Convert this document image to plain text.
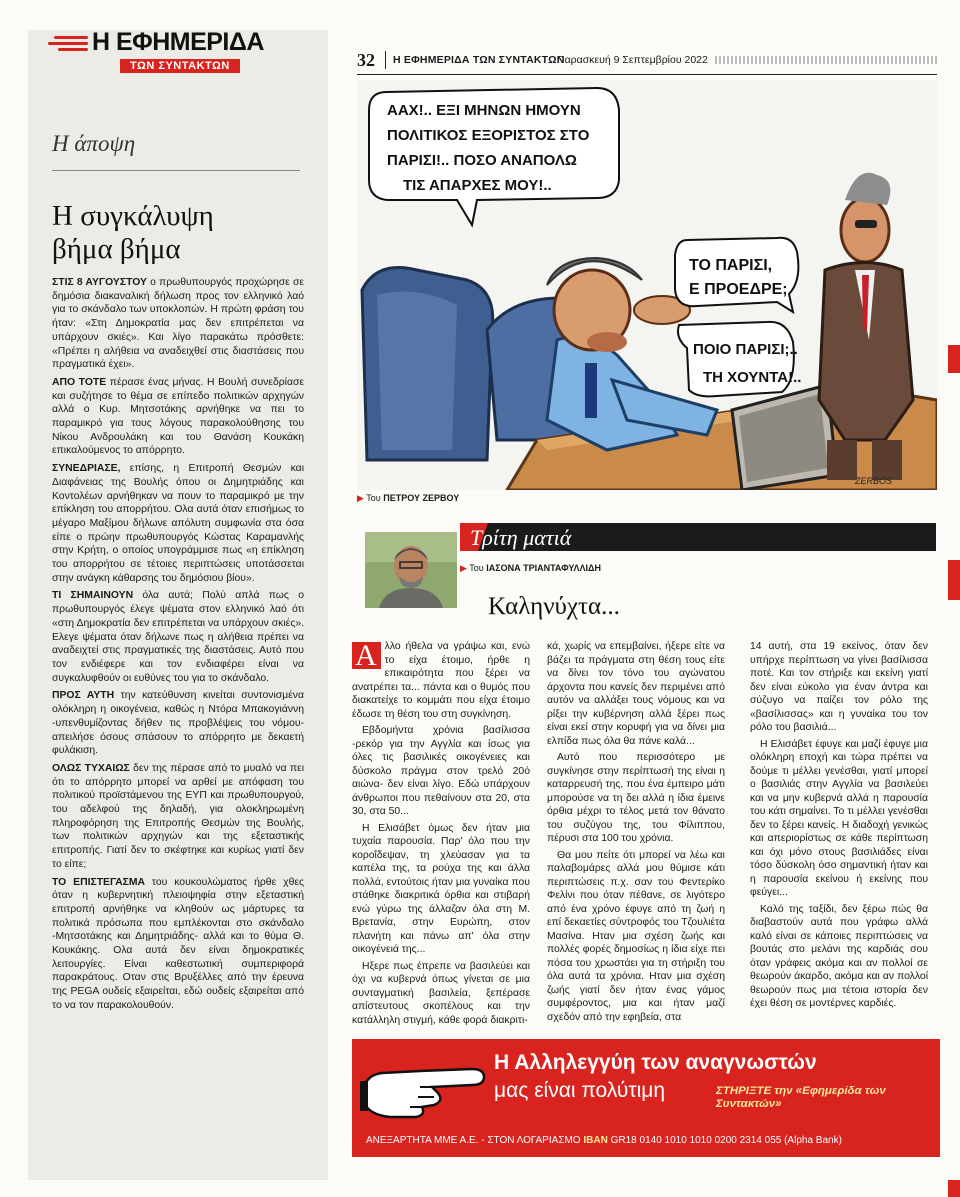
Η ΕΦΗΜΕΡΙΔΑ
ΤΩΝ ΣΥΝΤΑΚΤΩΝ
Η άποψη
Η συγκάλυψη
βήμα βήμα

ΣΤΙΣ 8 ΑΥΓΟΥΣΤΟΥ ο πρωθυπουργός προχώρησε σε δημόσια διακαναλική δήλωση προς τον ελληνικό λαό για το σκάνδαλο των υποκλοπών. Η πρώτη φράση του ήταν: «Στη Δημοκρατία μας δεν επιτρέπεται να υπάρχουν σκιές». Και λίγο παρακάτω πρόσθετε: «Πρέπει η αλήθεια να αναδειχθεί στις διαστάσεις που πραγματικά έχει».

ΑΠΟ ΤΟΤΕ πέρασε ένας μήνας. Η Βουλή συνεδρίασε και συζήτησε το θέμα σε επίπεδο πολιτικών αρχηγών αλλά ο Κυρ. Μητσοτάκης αρνήθηκε να πει το παραμικρό για τους λόγους παρακολούθησης του Νίκου Ανδρουλάκη και του Θανάση Κουκάκη επικαλούμενος το απόρρητο.

ΣΥΝΕΔΡΙΑΣΕ, επίσης, η Επιτροπή Θεσμών και Διαφάνειας της Βουλής όπου οι Δημητριάδης και Κοντολέων αρνήθηκαν να πουν το παραμικρό με την επίκληση του απορρήτου. Ολα αυτά όταν επισήμως το μέγαρο Μαξίμου δήλωνε απόλυτη συμφωνία στα όσα είπε ο πρώην πρωθυπουργός Κώστας Καραμανλής στην Κρήτη, ο οποίος υπογράμμισε πως «η επίκληση του απορρήτου σε τέτοιες περιπτώσεις υποτάσσεται στην ανάγκη κάθαρσης του δημόσιου βίου».

ΤΙ ΣΗΜΑΙΝΟΥΝ όλα αυτά; Πολύ απλά πως ο πρωθυπουργός έλεγε ψέματα στον ελληνικό λαό ότι «στη Δημοκρατία δεν επιτρέπεται να υπάρχουν σκιές». Ελεγε ψέματα όταν δήλωνε πως η αλήθεια πρέπει να αναδειχτεί στις πραγματικές της διαστάσεις. Αυτό που τον ενδιέφερε και τον ενδιαφέρει είναι να συγκαλυφθούν οι ευθύνες του για το σκάνδαλο.

ΠΡΟΣ ΑΥΤΗ την κατεύθυνση κινείται συντονισμένα ολόκληρη η οικογένεια, καθώς η Ντόρα Μπακογιάννη -υπενθυμίζοντας δήθεν τις προβλέψεις του νόμου- απειλήσε όσους σπάσουν το απόρρητο με δεκαετή φυλάκιση.

ΟΛΩΣ ΤΥΧΑΙΩΣ δεν της πέρασε από το μυαλό να πει ότι το απόρρητο μπορεί να αρθεί με απόφαση του πολιτικού προϊστάμενου της ΕΥΠ και πρωθυπουργού, του αδελφού της δηλαδή, για ολοκληρωμένη πληροφόρηση της Επιτροπής Θεσμών της Βουλής, των πολιτικών αρχηγών και της εξεταστικής επιτροπής. Γιατί δεν το σκέφτηκε και κυρίως γιατί δεν το είπε;

ΤΟ ΕΠΙΣΤΕΓΑΣΜΑ του κουκουλώματος ήρθε χθες όταν η κυβερνητική πλειοψηφία στην εξεταστική επιτροπή αρνήθηκε να κληθούν ως μάρτυρες τα πολιτικά πρόσωπα που εμπλέκονται στο σκάνδαλο -Μητσοτάκης και Δημητριάδης- αλλά και το θύμα Θ. Κουκάκης. Ολα αυτά δεν είναι δημοκρατικές λειτουργίες. Είναι καθεστωτική συμπεριφορά παρακράτους. Οταν στις Βρυξέλλες από την έρευνα της PEGA ουδείς εξαιρείται, εδώ ουδείς εξαιρείται από το να τον παρακολουθούν.

32 Η ΕΦΗΜΕΡΙΔΑ ΤΩΝ ΣΥΝΤΑΚΤΩΝ
Παρασκευή 9 Σεπτεμβρίου 2022
ΑΑΧ!.. ΕΞΙ ΜΗΝΩΝ ΗΜΟΥΝ
ΠΟΛΙΤΙΚΟΣ ΕΞΟΡΙΣΤΟΣ ΣΤΟ
ΠΑΡΙΣΙ!.. ΠΟΣΟ ΑΝΑΠΟΛΩ
ΤΙΣ ΑΠΑΡΧΕΣ ΜΟΥ!..
ΤΟ ΠΑΡΙΣΙ,
Ε ΠΡΟΕΔΡΕ;
ΠΟΙΟ ΠΑΡΙΣΙ;..
ΤΗ ΧΟΥΝΤΑ!..
ZERBOS
▶ Του ΠΕΤΡΟΥ ΖΕΡΒΟΥ
Τρίτη ματιά
▶ Του ΙΑΣΟΝΑ ΤΡΙΑΝΤΑΦΥΛΛΙΔΗ
Καληνύχτα...

Α λλο ήθελα να γράψω και, ενώ το είχα έτοιμο, ήρθε η επικαιρότητα που ξέρει να ανατρέπει τα... πάντα και ο θυμός που διακατείχε το κομμάτι που είχα έτοιμο έδωσε τη θέση του στη συγκίνηση.

Εβδομήντα χρόνια βασίλισσα -ρεκόρ για την Αγγλία και ίσως για όλες τις βασιλικές οικογένειες και δύσκολο πράγμα στον τρελό 20ό αιώνα- δεν είναι λίγο. Εδώ υπάρχουν άνθρωποι που πεθαίνουν στα 20, στα 30, στα 50...

Η Ελισάβετ όμως δεν ήταν μια τυχαία παρουσία. Παρ' όλο που την κοροΐδεψαν, τη χλεύασαν για τα καπέλα της, τα ρούχα της και άλλα πολλά, εντούτοις ήταν μια γυναίκα που στάθηκε διακριτικά όρθια και στιβαρή ενώ γύρω της άλλαζαν όλα στη Μ. Βρετανία, στην Ευρώπη, στον πλανήτη και πάνω απ' όλα στην οικογένειά της...

Ηξερε πως έπρεπε να βασιλεύει και όχι να κυβερνά όπως γίνεται σε μια συνταγματική βασιλεία, ξεπέρασε απίστευτους σκοπέλους και την κατάλληλη στιγμή, κάθε φορά διακριτι-

κά, χωρίς να επεμβαίνει, ήξερε είτε να βάζει τα πράγματα στη θέση τους είτε να δίνει τον τόνο του αγώνατου άρχοντα που κανείς δεν περιμένει από αυτόν να αλλάξει τους νόμους και να ρίξει την κυβέρνηση αλλά ξέρει πως είναι εκεί στην κορυφή για να δίνει μια ελπίδα πως όλα θα πάνε καλά...

Αυτό που περισσότερο με συγκίνησε στην περίπτωσή της είναι η καταρρευσή της, που ένα έμπειρο μάτι μπορούσε να τη δει αλλά η ίδια έμεινε όρθια μέχρι το τέλος μετά τον θάνατο του συζύγου της, του Φίλιππου, πέρυσι στα 100 του χρόνια.

Θα μου πείτε ότι μπορεί να λέω και παλαβομάρες αλλά μου θύμισε κάτι περιπτώσεις π.χ. σαν του Φεντερίκο Φελίνι που όταν πέθανε, σε λιγότερο από ένα χρόνο έφυγε από τη ζωή η επί δεκαετίες σύντροφός του Τζουλιέτα Μασίνα. Ηταν μια σχέση ζωής και πολλές φορές δημοσίως η ίδια είχε πει πόσα του χρωστάει για τη στήριξη του όλα αυτά τα χρόνια. Ηταν μια σχέση ζωής γιατί δεν ήταν ένας γάμος συμφέροντος, μια και ήταν μαζί σχεδόν από την εφηβεία, στα

14 αυτή, στα 19 εκείνος, όταν δεν υπήρχε περίπτωση να γίνει βασίλισσα ποτέ. Και τον στήριξε και εκείνη γιατί δεν είναι εύκολο για έναν άντρα και σύζυγο να παίζει τον ρόλο της «βασίλισσας» και η γυναίκα του τον ρόλο του βασιλιά...

Η Ελισάβετ έφυγε και μαζί έφυγε μια ολόκληρη εποχή και τώρα πρέπει να δούμε τι μέλλει γενέσθαι, γιατί μπορεί ο βασιλιάς στην Αγγλία να βασιλεύει και να μην κυβερνά αλλά η παρουσία του κάτι σημαίνει. Το τι μέλλει γενέσθαι δεν το ξέρει κανείς. Η διαδοχή γενικώς και απεριορίστως σε κάθε περίπτωση και όχι μόνο στους βασιλιάδες είναι τόσο δύσκολη όσο σημαντική ήταν και η παρουσία εκείνου ή εκείνης που φεύγει...

Καλό της ταξίδι, δεν ξέρω πώς θα διαβαστούν αυτά που γράφω αλλά καλό είναι σε κάποιες περιπτώσεις να βουτάς στο μελάνι της καρδιάς σου όταν γράφεις ακόμα και αν πολλοί σε θεωρούν άκαρδο, ακόμα και αν πολλοί θεωρούν πως μια τέτοια ιστορία δεν έχει θέση σε μοντέρνες καρδιές.

Η Αλληλεγγύη των αναγνωστών
μας είναι πολύτιμη	ΣΤΗΡΙΞΤΕ την «Εφημερίδα των Συντακτών»
ΑΝΕΞΑΡΤΗΤΑ ΜΜΕ Α.Ε. - ΣΤΟΝ ΛΟΓΑΡΙΑΣΜΟ IBAN GR18 0140 1010 1010 0200 2314 055 (Alpha Bank)
